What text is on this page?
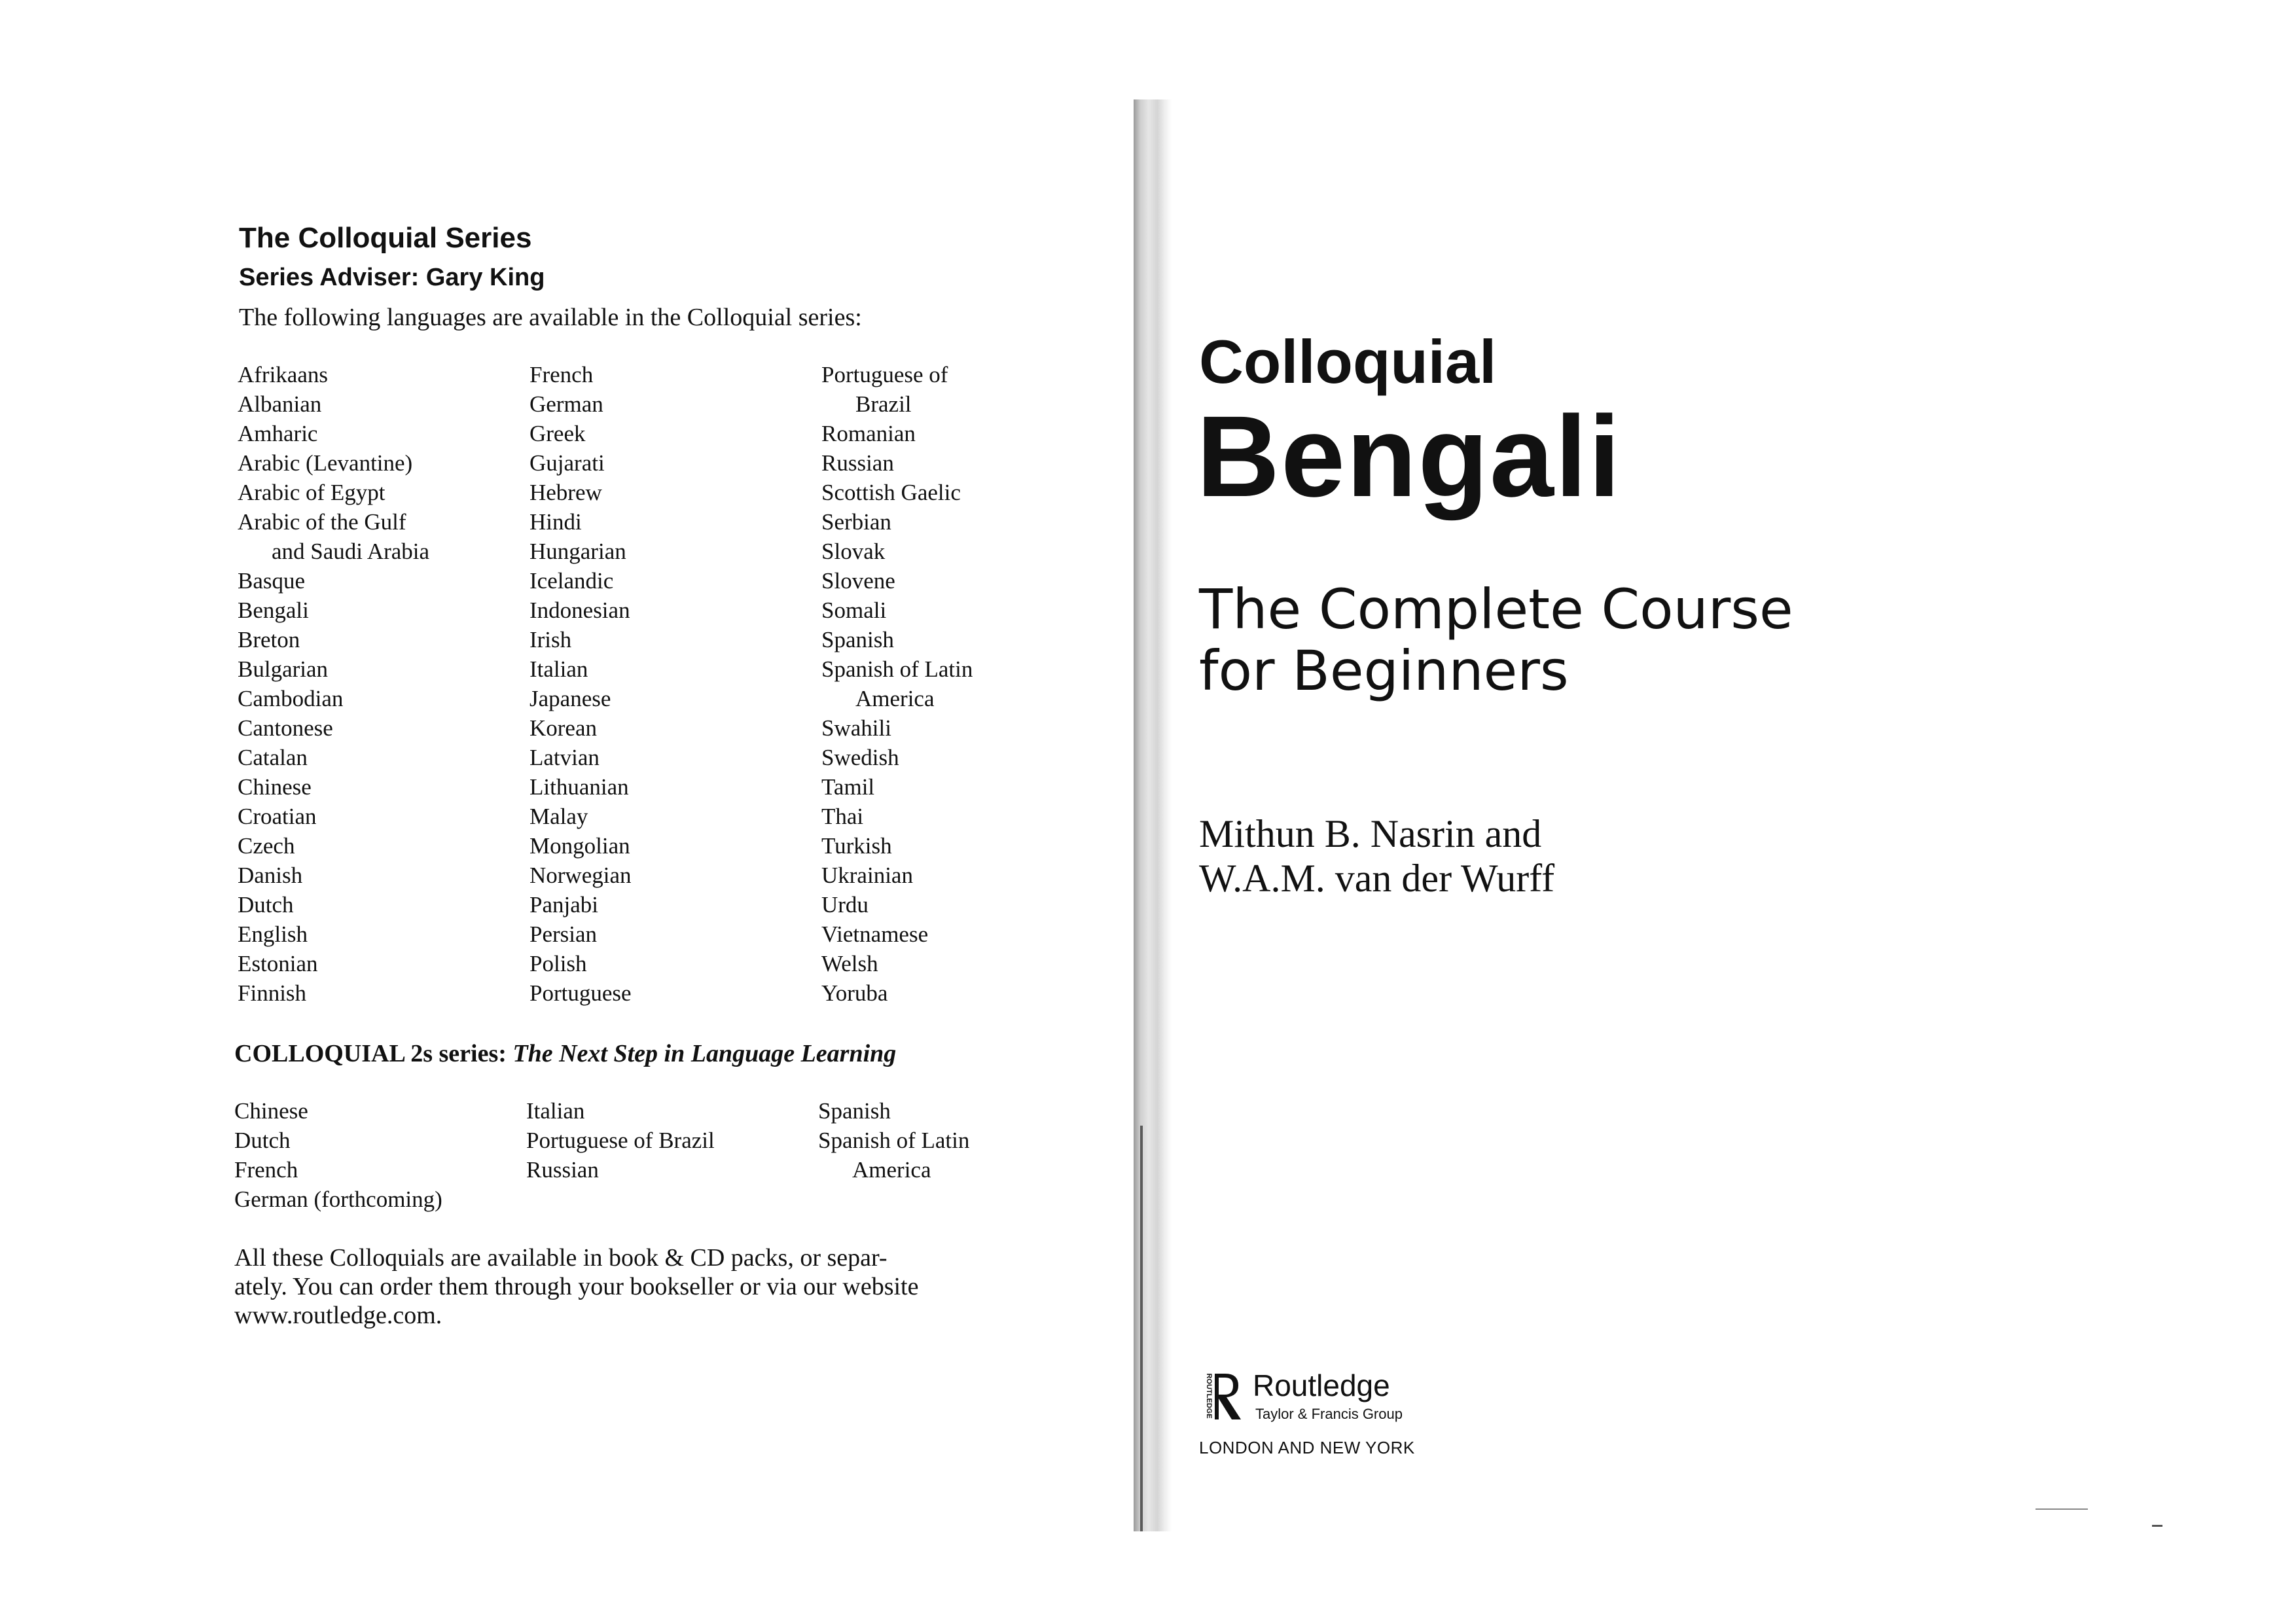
The Colloquial Series
Series Adviser: Gary King

The following languages are available in the Colloquial series:

Afrikaans
Albanian
Amharic
Arabic (Levantine)
Arabic of Egypt
Arabic of the Gulf
and Saudi Arabia
Basque
Bengali
Breton
Bulgarian
Cambodian
Cantonese
Catalan
Chinese
Croatian
Czech
Danish
Dutch
English
Estonian
Finnish
French
German
Greek
Gujarati
Hebrew
Hindi
Hungarian
Icelandic
Indonesian
Irish
Italian
Japanese
Korean
Latvian
Lithuanian
Malay
Mongolian
Norwegian
Panjabi
Persian
Polish
Portuguese
Portuguese of
Brazil
Romanian
Russian
Scottish Gaelic
Serbian
Slovak
Slovene
Somali
Spanish
Spanish of Latin
America
Swahili
Swedish
Tamil
Thai
Turkish
Ukrainian
Urdu
Vietnamese
Welsh
Yoruba

COLLOQUIAL 2s series: The Next Step in Language Learning

Chinese
Dutch
French
German (forthcoming)
Italian
Portuguese of Brazil
Russian
Spanish
Spanish of Latin
America

All these Colloquials are available in book & CD packs, or separ-
ately. You can order them through your bookseller or via our website
www.routledge.com.

Colloquial
Bengali
The Complete Course
for Beginners

Mithun B. Nasrin and
W.A.M. van der Wurff

ROUTLEDGE Routledge

Taylor & Francis Group

LONDON AND NEW YORK
